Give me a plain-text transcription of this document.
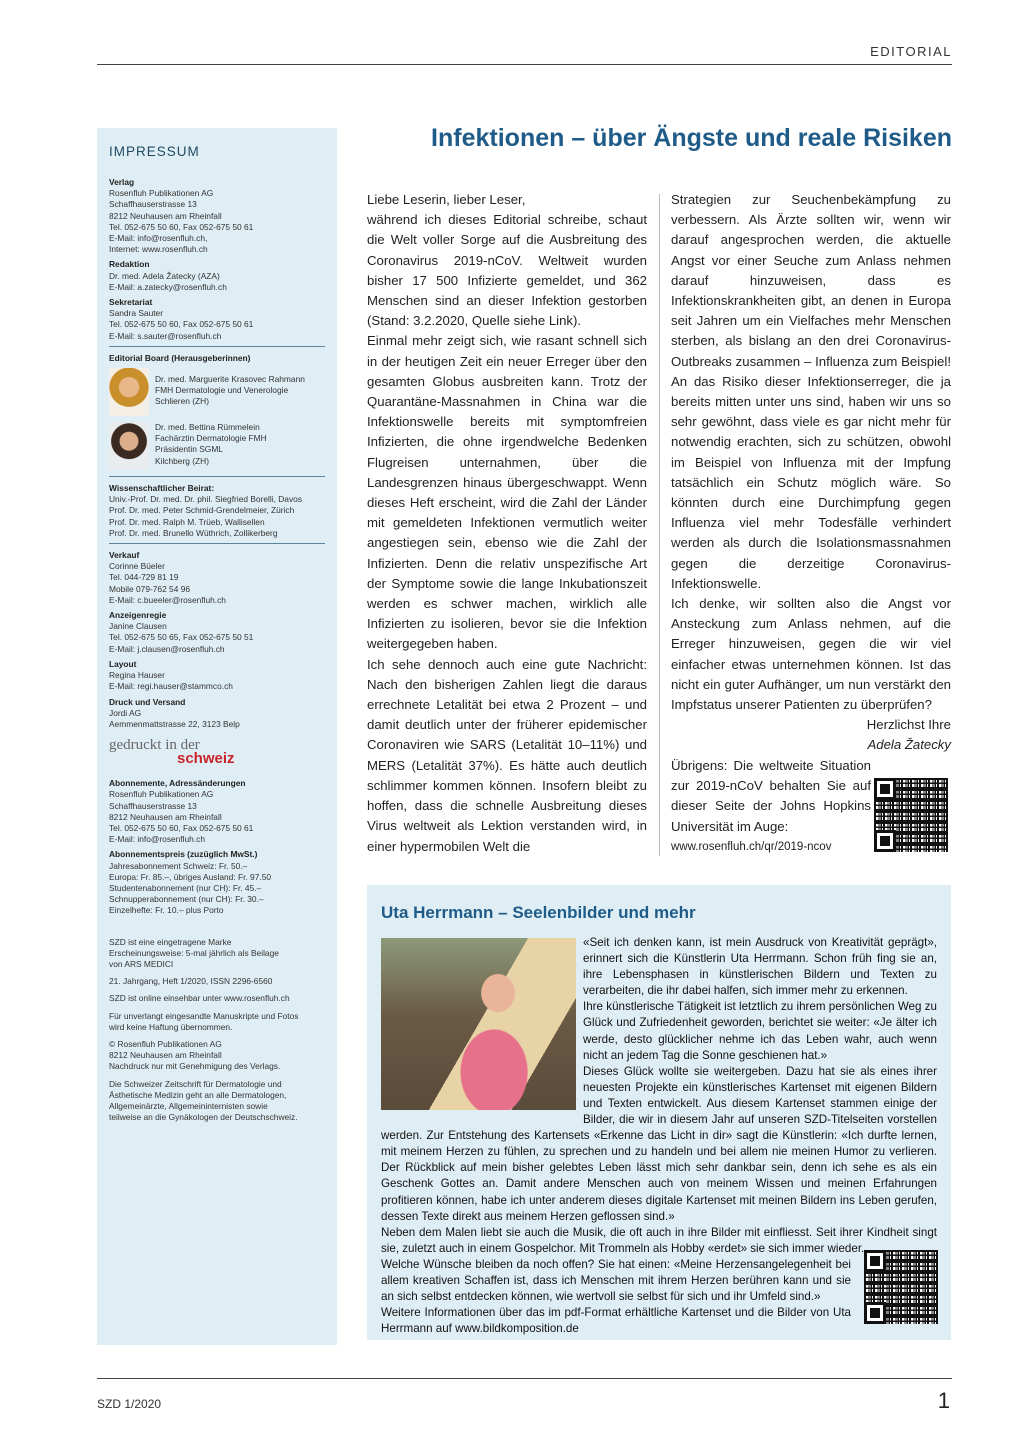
EDITORIAL
IMPRESSUM
Verlag
Rosenfluh Publikationen AG
Schaffhauserstrasse 13
8212 Neuhausen am Rheinfall
Tel. 052-675 50 60, Fax 052-675 50 61
E-Mail: info@rosenfluh.ch,
Internet: www.rosenfluh.ch
Redaktion
Dr. med. Adela Žatecky (AZA)
E-Mail: a.zatecky@rosenfluh.ch
Sekretariat
Sandra Sauter
Tel. 052-675 50 60, Fax 052-675 50 61
E-Mail: s.sauter@rosenfluh.ch
Editorial Board (Herausgeberinnen)
Dr. med. Marguerite Krasovec Rahmann
FMH Dermatologie und Venerologie
Schlieren (ZH)
Dr. med. Bettina Rümmelein
Fachärztin Dermatologie FMH
Präsidentin SGML
Kilchberg (ZH)
Wissenschaftlicher Beirat:
Univ.-Prof. Dr. med. Dr. phil. Siegfried Borelli, Davos
Prof. Dr. med. Peter Schmid-Grendelmeier, Zürich
Prof. Dr. med. Ralph M. Trüeb, Wallisellen
Prof. Dr. med. Brunello Wüthrich, Zollikerberg
Verkauf
Corinne Büeler
Tel. 044-729 81 19
Mobile 079-762 54 96
E-Mail: c.bueeler@rosenfluh.ch
Anzeigenregie
Janine Clausen
Tel. 052-675 50 65, Fax 052-675 50 51
E-Mail: j.clausen@rosenfluh.ch
Layout
Regina Hauser
E-Mail: regi.hauser@stammco.ch
Druck und Versand
Jordi AG
Aemmenmattstrasse 22, 3123 Belp
gedruckt in der
schweiz
Abonnemente, Adressänderungen
Rosenfluh Publikationen AG
Schaffhauserstrasse 13
8212 Neuhausen am Rheinfall
Tel. 052-675 50 60, Fax 052-675 50 61
E-Mail: info@rosenfluh.ch
Abonnementspreis (zuzüglich MwSt.)
Jahresabonnement Schweiz: Fr. 50.–
Europa: Fr. 85.–, übriges Ausland: Fr. 97.50
Studentenabonnement (nur CH): Fr. 45.–
Schnupperabonnement (nur CH): Fr. 30.–
Einzelhefte: Fr. 10.– plus Porto
SZD ist eine eingetragene Marke
Erscheinungsweise: 5-mal jährlich als Beilage
von ARS MEDICI
21. Jahrgang, Heft 1/2020, ISSN 2296-6560
SZD ist online einsehbar unter www.rosenfluh.ch
Für unverlangt eingesandte Manuskripte und Fotos
wird keine Haftung übernommen.
© Rosenfluh Publikationen AG
8212 Neuhausen am Rheinfall
Nachdruck nur mit Genehmigung des Verlags.
Die Schweizer Zeitschrift für Dermatologie und
Ästhetische Medizin geht an alle Dermatologen,
Allgemeinärzte, Allgemeininternisten sowie
teilweise an die Gynäkologen der Deutschschweiz.
Infektionen – über Ängste und reale Risiken

Liebe Leserin, lieber Leser,

während ich dieses Editorial schreibe, schaut die Welt voller Sorge auf die Ausbreitung des Coronavirus 2019-nCoV. Weltweit wurden bisher 17 500 Infizierte gemeldet, und 362 Menschen sind an dieser Infektion gestorben (Stand: 3.2.2020, Quelle siehe Link).

Einmal mehr zeigt sich, wie rasant schnell sich in der heutigen Zeit ein neuer Erreger über den gesamten Globus ausbreiten kann. Trotz der Quarantäne-Massnahmen in China war die Infektionswelle bereits mit symptomfreien Infizierten, die ohne irgendwelche Bedenken Flugreisen unternahmen, über die Landesgrenzen hinaus übergeschwappt. Wenn dieses Heft erscheint, wird die Zahl der Länder mit gemeldeten Infektionen vermutlich weiter angestiegen sein, ebenso wie die Zahl der Infizierten. Denn die relativ unspezifische Art der Symptome sowie die lange Inkubationszeit werden es schwer machen, wirklich alle Infizierten zu isolieren, bevor sie die Infektion weitergegeben haben.

Ich sehe dennoch auch eine gute Nachricht: Nach den bisherigen Zahlen liegt die daraus errechnete Letalität bei etwa 2 Prozent – und damit deutlich unter der früherer epidemischer Coronaviren wie SARS (Letalität 10–11%) und MERS (Letalität 37%). Es hätte auch deutlich schlimmer kommen können. Insofern bleibt zu hoffen, dass die schnelle Ausbreitung dieses Virus weltweit als Lektion verstanden wird, in einer hypermobilen Welt die

Strategien zur Seuchenbekämpfung zu verbessern. Als Ärzte sollten wir, wenn wir darauf angesprochen werden, die aktuelle Angst vor einer Seuche zum Anlass nehmen darauf hinzuweisen, dass es Infektionskrankheiten gibt, an denen in Europa seit Jahren um ein Vielfaches mehr Menschen sterben, als bislang an den drei Coronavirus-Outbreaks zusammen – Influenza zum Beispiel! An das Risiko dieser Infektionserreger, die ja bereits mitten unter uns sind, haben wir uns so sehr gewöhnt, dass viele es gar nicht mehr für notwendig erachten, sich zu schützen, obwohl im Beispiel von Influenza mit der Impfung tatsächlich ein Schutz möglich wäre. So könnten durch eine Durchimpfung gegen Influenza viel mehr Todesfälle verhindert werden als durch die Isolationsmassnahmen gegen die derzeitige Coronavirus-Infektionswelle.

Ich denke, wir sollten also die Angst vor Ansteckung zum Anlass nehmen, auf die Erreger hinzuweisen, gegen die wir viel einfacher etwas unternehmen können. Ist das nicht ein guter Aufhänger, um nun verstärkt den Impfstatus unserer Patienten zu überprüfen?

Herzlichst Ihre
Adela Žatecky
Übrigens: Die weltweite Situation zur 2019-nCoV behalten Sie auf dieser Seite der Johns Hopkins Universität im Auge:
www.rosenfluh.ch/qr/2019-ncov
Uta Herrmann – Seelenbilder und mehr

«Seit ich denken kann, ist mein Ausdruck von Kreativität geprägt», erinnert sich die Künstlerin Uta Herrmann. Schon früh fing sie an, ihre Lebensphasen in künstlerischen Bildern und Texten zu verarbeiten, die ihr dabei halfen, sich immer mehr zu erkennen.

Ihre künstlerische Tätigkeit ist letztlich zu ihrem persönlichen Weg zu Glück und Zufriedenheit geworden, berichtet sie weiter: «Je älter ich werde, desto glücklicher nehme ich das Leben wahr, auch wenn nicht an jedem Tag die Sonne geschienen hat.»

Dieses Glück wollte sie weitergeben. Dazu hat sie als eines ihrer neuesten Projekte ein künstlerisches Kartenset mit eigenen Bildern und Texten entwickelt. Aus diesem Kartenset stammen einige der Bilder, die wir in diesem Jahr auf unseren SZD-Titelseiten vorstellen werden. Zur Entstehung des Kartensets «Erkenne das Licht in dir» sagt die Künstlerin: «Ich durfte lernen, mit meinem Herzen zu fühlen, zu sprechen und zu handeln und bei allem nie meinen Humor zu verlieren. Der Rückblick auf mein bisher gelebtes Leben lässt mich sehr dankbar sein, denn ich sehe es als ein Geschenk Gottes an. Damit andere Menschen auch von meinem Wissen und meinen Erfahrungen profitieren können, habe ich unter anderem dieses digitale Kartenset mit meinen Bildern ins Leben gerufen, dessen Texte direkt aus meinem Herzen geflossen sind.»

Neben dem Malen liebt sie auch die Musik, die oft auch in ihre Bilder mit einfliesst. Seit ihrer Kindheit singt sie, zuletzt auch in einem Gospelchor. Mit Trommeln als Hobby «erdet» sie sich immer wieder.

Welche Wünsche bleiben da noch offen? Sie hat einen: «Meine Herzensangelegenheit bei allem kreativen Schaffen ist, dass ich Menschen mit ihrem Herzen berühren kann und sie an sich selbst entdecken können, wie wertvoll sie selbst für sich und ihr Umfeld sind.»

Weitere Informationen über das im pdf-Format erhältliche Kartenset und die Bilder von Uta Herrmann auf www.bildkomposition.de

SZD 1/2020	1
